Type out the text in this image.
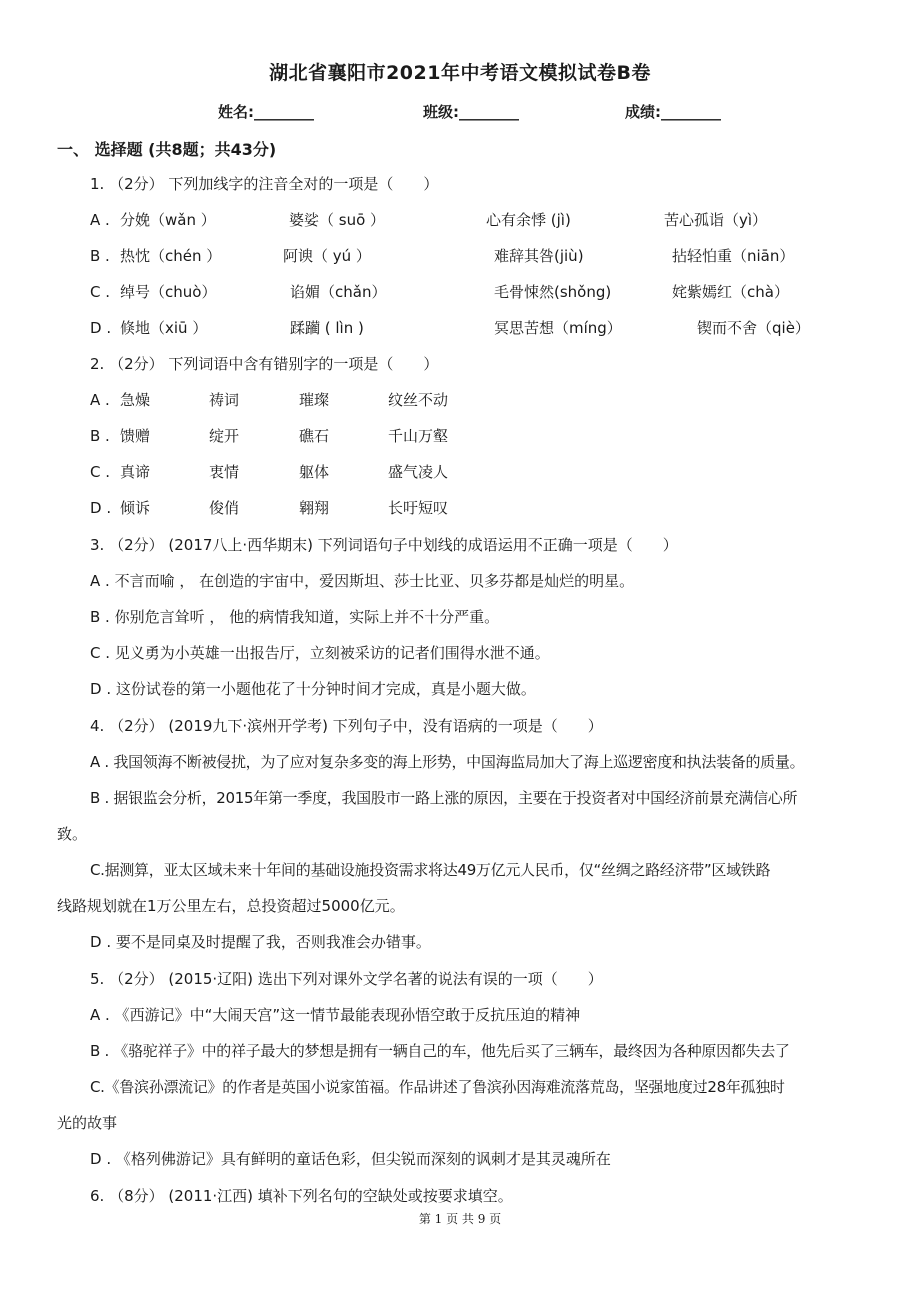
湖北省襄阳市2021年中考语文模拟试卷B卷
姓名:________	班级:________	成绩:________
一、 选择题 (共8题；共43分)
1. （2分） 下列加线字的注音全对的一项是（　　）
A . 分娩（wǎn ）	婆娑（ suō ）	心有余悸 (jì)	苦心孤诣（yì）
B . 热忱（chén ）	阿谀（ yú ）	难辞其咎(jiù)	拈轻怕重（niān）
C . 绰号（chuò）	谄媚（chǎn）	毛骨悚然(shǒng)	姹紫嫣红（chà）
D . 倏地（xiū ）	蹂躏 ( lìn )	冥思苦想（míng）	锲而不舍（qiè）
2. （2分） 下列词语中含有错别字的一项是（　　）
A . 急燥	祷词	璀璨	纹丝不动
B . 馈赠	绽开	礁石	千山万壑
C . 真谛	衷情	躯体	盛气凌人
D . 倾诉	俊俏	翱翔	长吁短叹
3. （2分） (2017八上·西华期末) 下列词语句子中划线的成语运用不正确一项是（　　）
A . 不言而喻 ， 在创造的宇宙中，爱因斯坦、莎士比亚、贝多芬都是灿烂的明星。
B . 你别危言耸听 ， 他的病情我知道，实际上并不十分严重。
C . 见义勇为小英雄一出报告厅，立刻被采访的记者们围得水泄不通。
D . 这份试卷的第一小题他花了十分钟时间才完成，真是小题大做。
4. （2分） (2019九下·滨州开学考) 下列句子中，没有语病的一项是（　　）
A . 我国领海不断被侵扰，为了应对复杂多变的海上形势，中国海监局加大了海上巡逻密度和执法装备的质量。
B . 据银监会分析，2015年第一季度，我国股市一路上涨的原因，主要在于投资者对中国经济前景充满信心所
致。
C.据测算，亚太区域未来十年间的基础设施投资需求将达49万亿元人民币，仅“丝绸之路经济带”区域铁路
线路规划就在1万公里左右，总投资超过5000亿元。
D . 要不是同桌及时提醒了我，否则我准会办错事。
5. （2分） (2015·辽阳) 选出下列对课外文学名著的说法有误的一项（　　）
A . 《西游记》中“大闹天宫”这一情节最能表现孙悟空敢于反抗压迫的精神
B . 《骆驼祥子》中的祥子最大的梦想是拥有一辆自己的车，他先后买了三辆车，最终因为各种原因都失去了
C.《鲁滨孙漂流记》的作者是英国小说家笛福。作品讲述了鲁滨孙因海难流落荒岛，坚强地度过28年孤独时
光的故事
D . 《格列佛游记》具有鲜明的童话色彩，但尖锐而深刻的讽刺才是其灵魂所在
6. （8分） (2011·江西) 填补下列名句的空缺处或按要求填空。
第 1 页 共 9 页
